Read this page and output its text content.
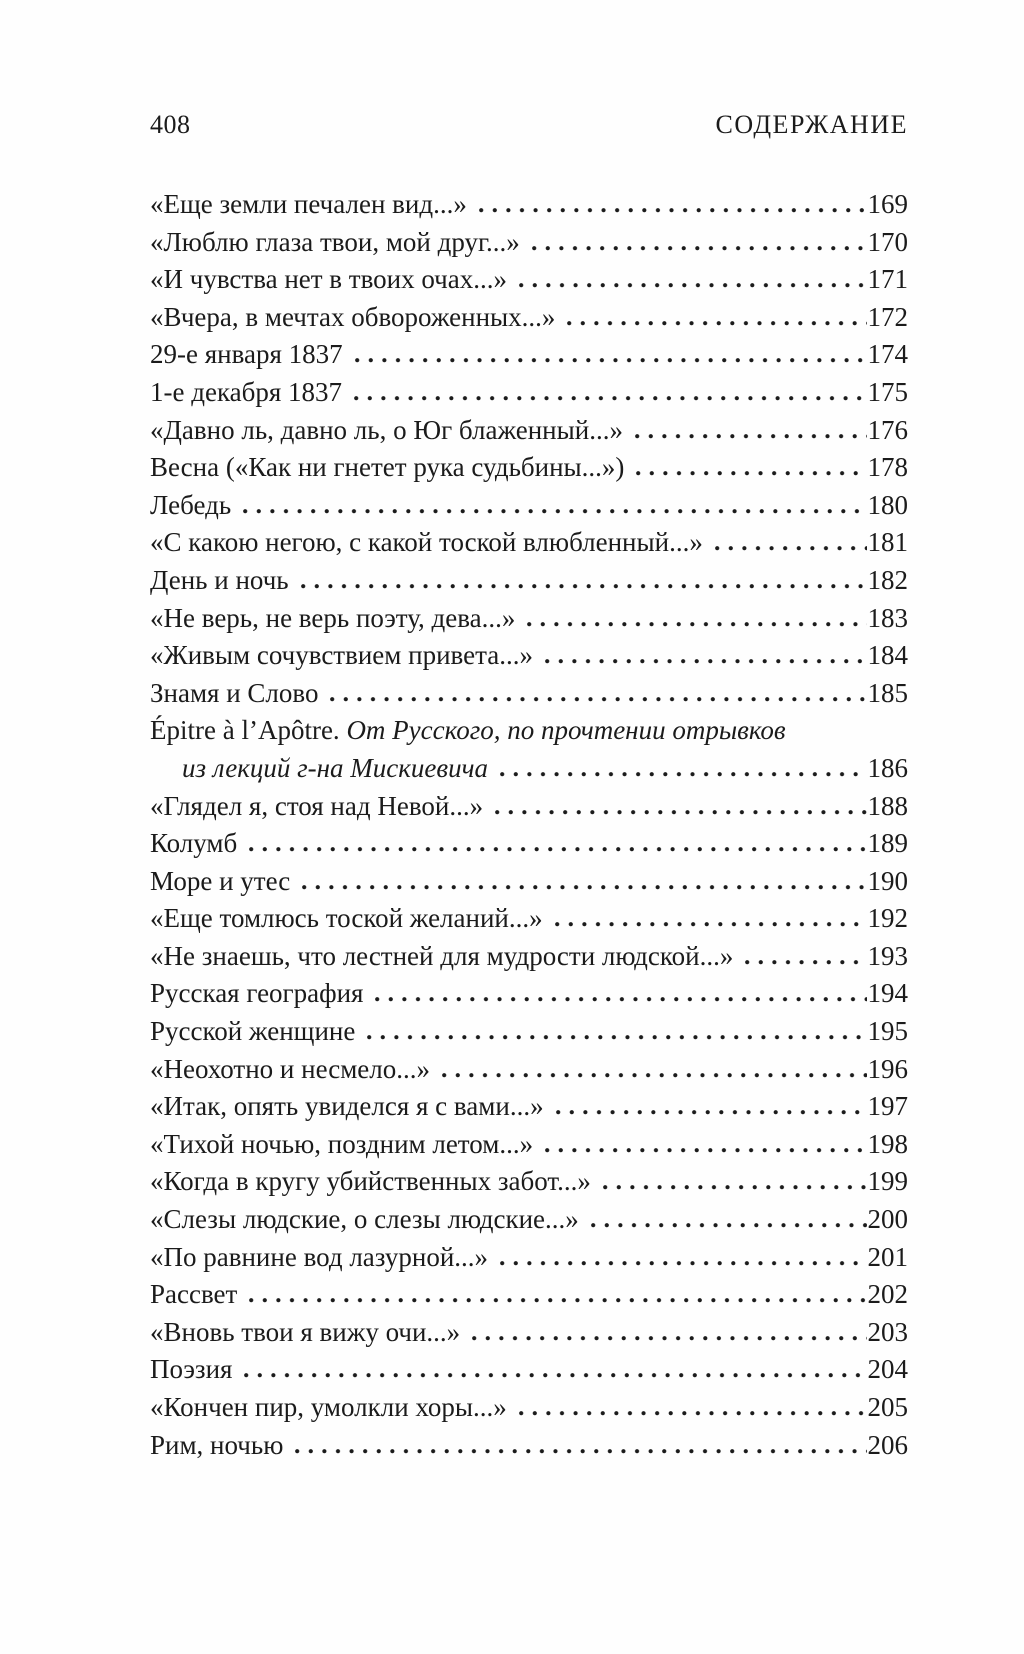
408	СОДЕРЖАНИЕ
«Еще земли печален вид...»	169
«Люблю глаза твои, мой друг...»	170
«И чувства нет в твоих очах...»	171
«Вчера, в мечтах обвороженных...»	172
29-е января 1837	174
1-е декабря 1837	175
«Давно ль, давно ль, о Юг блаженный...»	176
Весна («Как ни гнетет рука судьбины...»)	178
Лебедь	180
«С какою негою, с какой тоской влюбленный...»	181
День и ночь	182
«Не верь, не верь поэту, дева...»	183
«Живым сочувствием привета...»	184
Знамя и Слово	185
Épitre à l’Apôtre. От Русского, по прочтении отрывков
из лекций г-на Мискиевича	186
«Глядел я, стоя над Невой...»	188
Колумб	189
Море и утес	190
«Еще томлюсь тоской желаний...»	192
«Не знаешь, что лестней для мудрости людской...»	193
Русская география	194
Русской женщине	195
«Неохотно и несмело...»	196
«Итак, опять увиделся я с вами...»	197
«Тихой ночью, поздним летом...»	198
«Когда в кругу убийственных забот...»	199
«Слезы людские, о слезы людские...»	200
«По равнине вод лазурной...»	201
Рассвет	202
«Вновь твои я вижу очи...»	203
Поэзия	204
«Кончен пир, умолкли хоры...»	205
Рим, ночью	206
